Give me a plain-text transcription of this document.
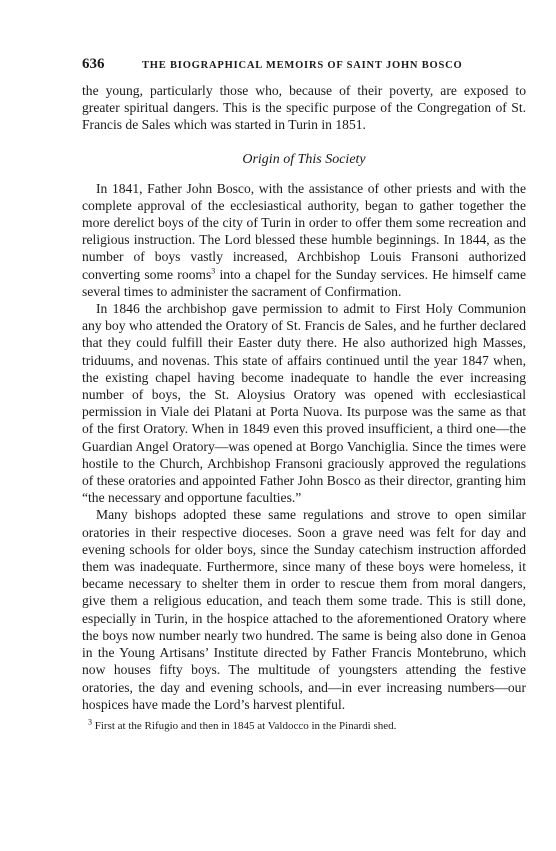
636	THE BIOGRAPHICAL MEMOIRS OF SAINT JOHN BOSCO

the young, particularly those who, because of their poverty, are exposed to greater spiritual dangers. This is the specific purpose of the Congregation of St. Francis de Sales which was started in Turin in 1851.

Origin of This Society

In 1841, Father John Bosco, with the assistance of other priests and with the complete approval of the ecclesiastical authority, began to gather together the more derelict boys of the city of Turin in order to offer them some recreation and religious instruction. The Lord blessed these humble beginnings. In 1844, as the number of boys vastly increased, Archbishop Louis Fransoni authorized converting some rooms$^3$ into a chapel for the Sunday services. He himself came several times to administer the sacrament of Confirmation.

In 1846 the archbishop gave permission to admit to First Holy Communion any boy who attended the Oratory of St. Francis de Sales, and he further declared that they could fulfill their Easter duty there. He also authorized high Masses, triduums, and novenas. This state of affairs continued until the year 1847 when, the existing chapel having become inadequate to handle the ever increasing number of boys, the St. Aloysius Oratory was opened with ecclesiastical permission in Viale dei Platani at Porta Nuova. Its purpose was the same as that of the first Oratory. When in 1849 even this proved insufficient, a third one—the Guardian Angel Oratory—was opened at Borgo Vanchiglia. Since the times were hostile to the Church, Archbishop Fransoni graciously approved the regulations of these oratories and appointed Father John Bosco as their director, granting him “the necessary and opportune faculties.”

Many bishops adopted these same regulations and strove to open similar oratories in their respective dioceses. Soon a grave need was felt for day and evening schools for older boys, since the Sunday catechism instruction afforded them was inadequate. Furthermore, since many of these boys were homeless, it became necessary to shelter them in order to rescue them from moral dangers, give them a religious education, and teach them some trade. This is still done, especially in Turin, in the hospice attached to the aforementioned Oratory where the boys now number nearly two hundred. The same is being also done in Genoa in the Young Artisans’ Institute directed by Father Francis Montebruno, which now houses fifty boys. The multitude of youngsters attending the festive oratories, the day and evening schools, and—in ever increasing numbers—our hospices have made the Lord’s harvest plentiful.

$^3$ First at the Rifugio and then in 1845 at Valdocco in the Pinardi shed.
